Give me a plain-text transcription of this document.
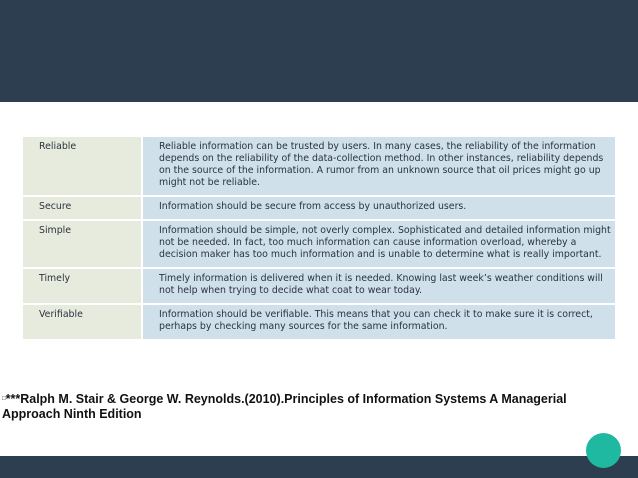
Reliable	Reliable information can be trusted by users. In many cases, the reliability of the information depends on the reliability of the data-collection method. In other instances, reliability depends on the source of the information. A rumor from an unknown source that oil prices might go up might not be reliable.
Secure	Information should be secure from access by unauthorized users.
Simple	Information should be simple, not overly complex. Sophisticated and detailed information might not be needed. In fact, too much information can cause information overload, whereby a decision maker has too much information and is unable to determine what is really important.
Timely	Timely information is delivered when it is needed. Knowing last week’s weather conditions will not help when trying to decide what coat to wear today.
Verifiable	Information should be verifiable. This means that you can check it to make sure it is correct, perhaps by checking many sources for the same information.
□***Ralph M. Stair & George W. Reynolds.(2010).Principles of Information Systems A Managerial Approach Ninth Edition
